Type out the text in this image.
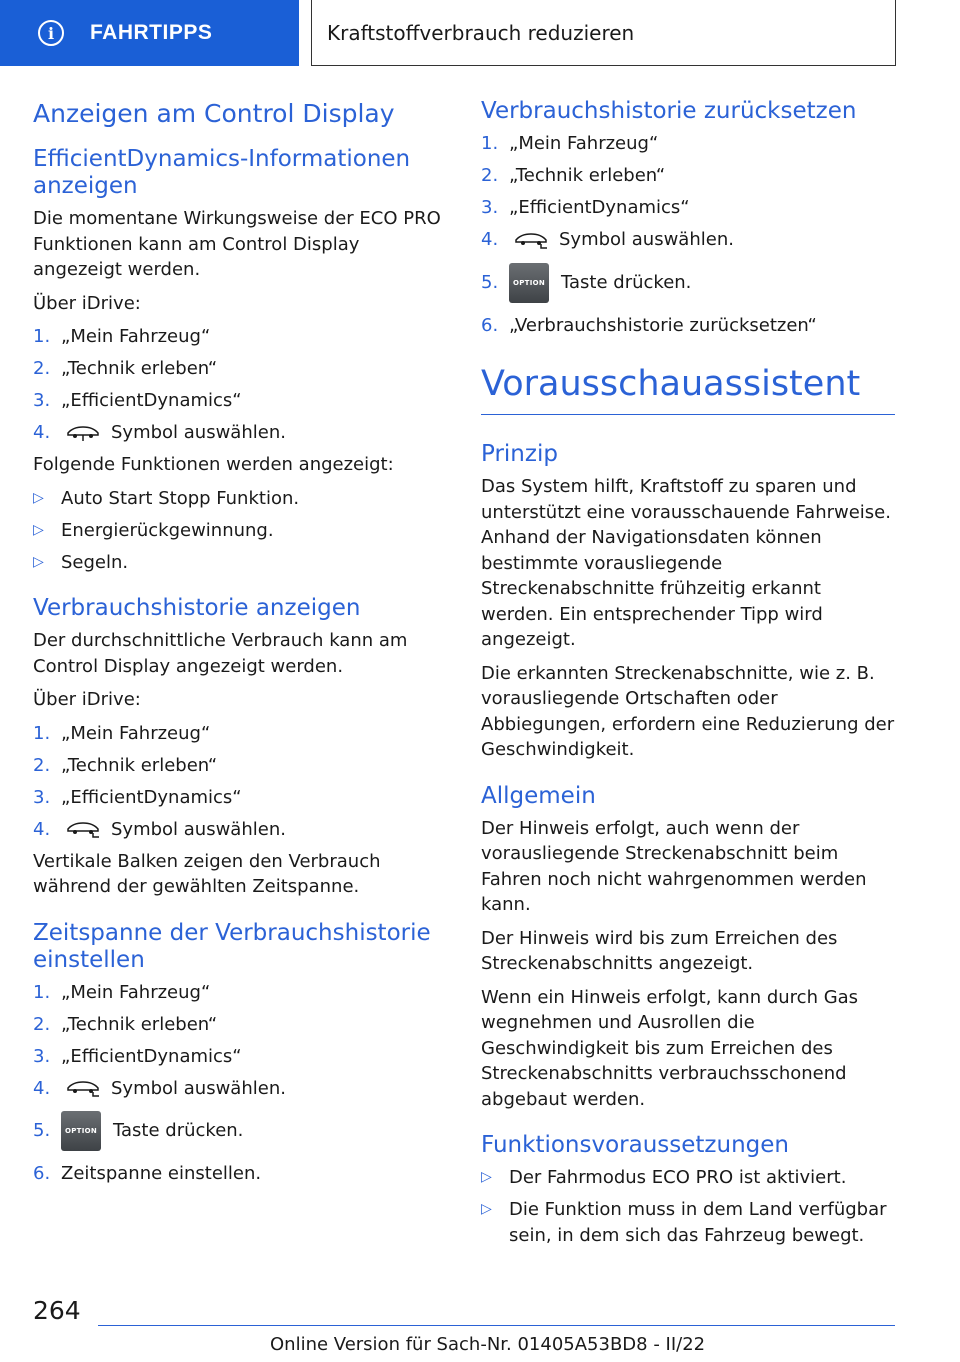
i	FAHRTIPPS	Kraftstoffverbrauch reduzieren
Anzeigen am Control Display
EfficientDynamics-Informationen anzeigen

Die momentane Wirkungsweise der ECO PRO Funktionen kann am Control Display angezeigt werden.

Über iDrive:

1. „Mein Fahrzeug“
2. „Technik erleben“
3. „EfficientDynamics“
4.	Symbol auswählen.

Folgende Funktionen werden angezeigt:

▷ Auto Start Stopp Funktion.
▷ Energierückgewinnung.
▷ Segeln.
Verbrauchshistorie anzeigen

Der durchschnittliche Verbrauch kann am Control Display angezeigt werden.

Über iDrive:

1. „Mein Fahrzeug“
2. „Technik erleben“
3. „EfficientDynamics“
4.	Symbol auswählen.

Vertikale Balken zeigen den Verbrauch während der gewählten Zeitspanne.

Zeitspanne der Verbrauchshistorie einstellen
1. „Mein Fahrzeug“
2. „Technik erleben“
3. „EfficientDynamics“
4.	Symbol auswählen.
5.	OPTION Taste drücken.
6. Zeitspanne einstellen.
Verbrauchshistorie zurücksetzen
1. „Mein Fahrzeug“
2. „Technik erleben“
3. „EfficientDynamics“
4.	Symbol auswählen.
5.	OPTION Taste drücken.
6. „Verbrauchshistorie zurücksetzen“
Vorausschauassistent
Prinzip

Das System hilft, Kraftstoff zu sparen und unterstützt eine vorausschauende Fahrweise. Anhand der Navigationsdaten können bestimmte vorausliegende Streckenabschnitte frühzeitig erkannt werden. Ein entsprechender Tipp wird angezeigt.

Die erkannten Streckenabschnitte, wie z. B. vorausliegende Ortschaften oder Abbiegungen, erfordern eine Reduzierung der Geschwindigkeit.

Allgemein

Der Hinweis erfolgt, auch wenn der vorausliegende Streckenabschnitt beim Fahren noch nicht wahrgenommen werden kann.

Der Hinweis wird bis zum Erreichen des Streckenabschnitts angezeigt.

Wenn ein Hinweis erfolgt, kann durch Gas wegnehmen und Ausrollen die Geschwindigkeit bis zum Erreichen des Streckenabschnitts verbrauchsschonend abgebaut werden.

Funktionsvoraussetzungen
▷ Der Fahrmodus ECO PRO ist aktiviert.
▷ Die Funktion muss in dem Land verfügbar sein, in dem sich das Fahrzeug bewegt.
264
Online Version für Sach-Nr. 01405A53BD8 - II/22
